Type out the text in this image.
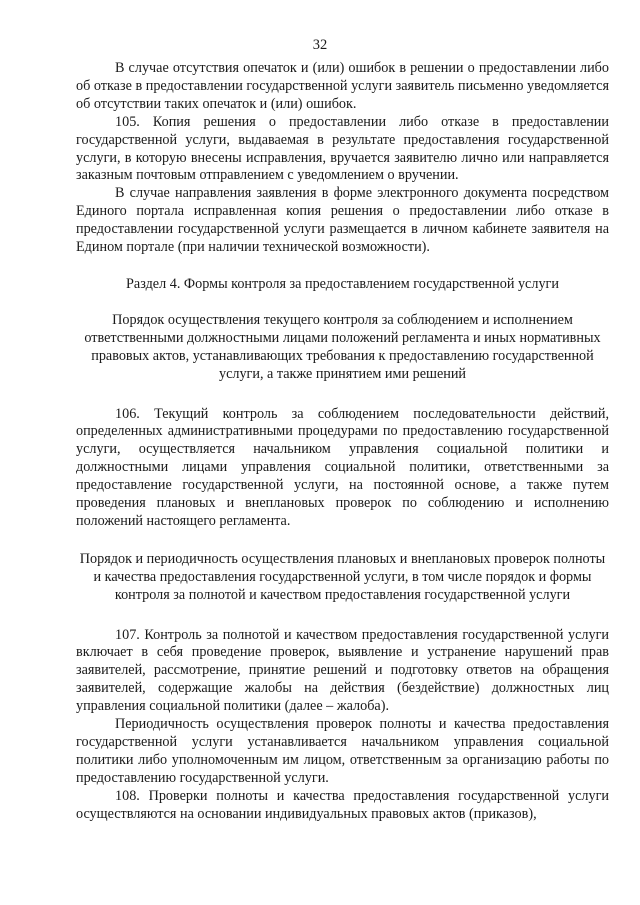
32

В случае отсутствия опечаток и (или) ошибок в решении о предоставлении либо об отказе в предоставлении государственной услуги заявитель письменно уведомляется об отсутствии таких опечаток и (или) ошибок.

105. Копия решения о предоставлении либо отказе в предоставлении государственной услуги, выдаваемая в результате предоставления государственной услуги, в которую внесены исправления, вручается заявителю лично или направляется заказным почтовым отправлением с уведомлением о вручении.

В случае направления заявления в форме электронного документа посредством Единого портала исправленная копия решения о предоставлении либо отказе в предоставлении государственной услуги размещается в личном кабинете заявителя на Едином портале (при наличии технической возможности).

Раздел 4. Формы контроля за предоставлением государственной услуги
Порядок осуществления текущего контроля за соблюдением и исполнением ответственными должностными лицами положений регламента и иных нормативных правовых актов, устанавливающих требования к предоставлению государственной услуги, а также принятием ими решений

106. Текущий контроль за соблюдением последовательности действий, определенных административными процедурами по предоставлению государственной услуги, осуществляется начальником управления социальной политики и должностными лицами управления социальной политики, ответственными за предоставление государственной услуги, на постоянной основе, а также путем проведения плановых и внеплановых проверок по соблюдению и исполнению положений настоящего регламента.

Порядок и периодичность осуществления плановых и внеплановых проверок полноты и качества предоставления государственной услуги, в том числе порядок и формы контроля за полнотой и качеством предоставления государственной услуги

107. Контроль за полнотой и качеством предоставления государственной услуги включает в себя проведение проверок, выявление и устранение нарушений прав заявителей, рассмотрение, принятие решений и подготовку ответов на обращения заявителей, содержащие жалобы на действия (бездействие) должностных лиц управления социальной политики (далее – жалоба).

Периодичность осуществления проверок полноты и качества предоставления государственной услуги устанавливается начальником управления социальной политики либо уполномоченным им лицом, ответственным за организацию работы по предоставлению государственной услуги.

108. Проверки полноты и качества предоставления государственной услуги осуществляются на основании индивидуальных правовых актов (приказов),
